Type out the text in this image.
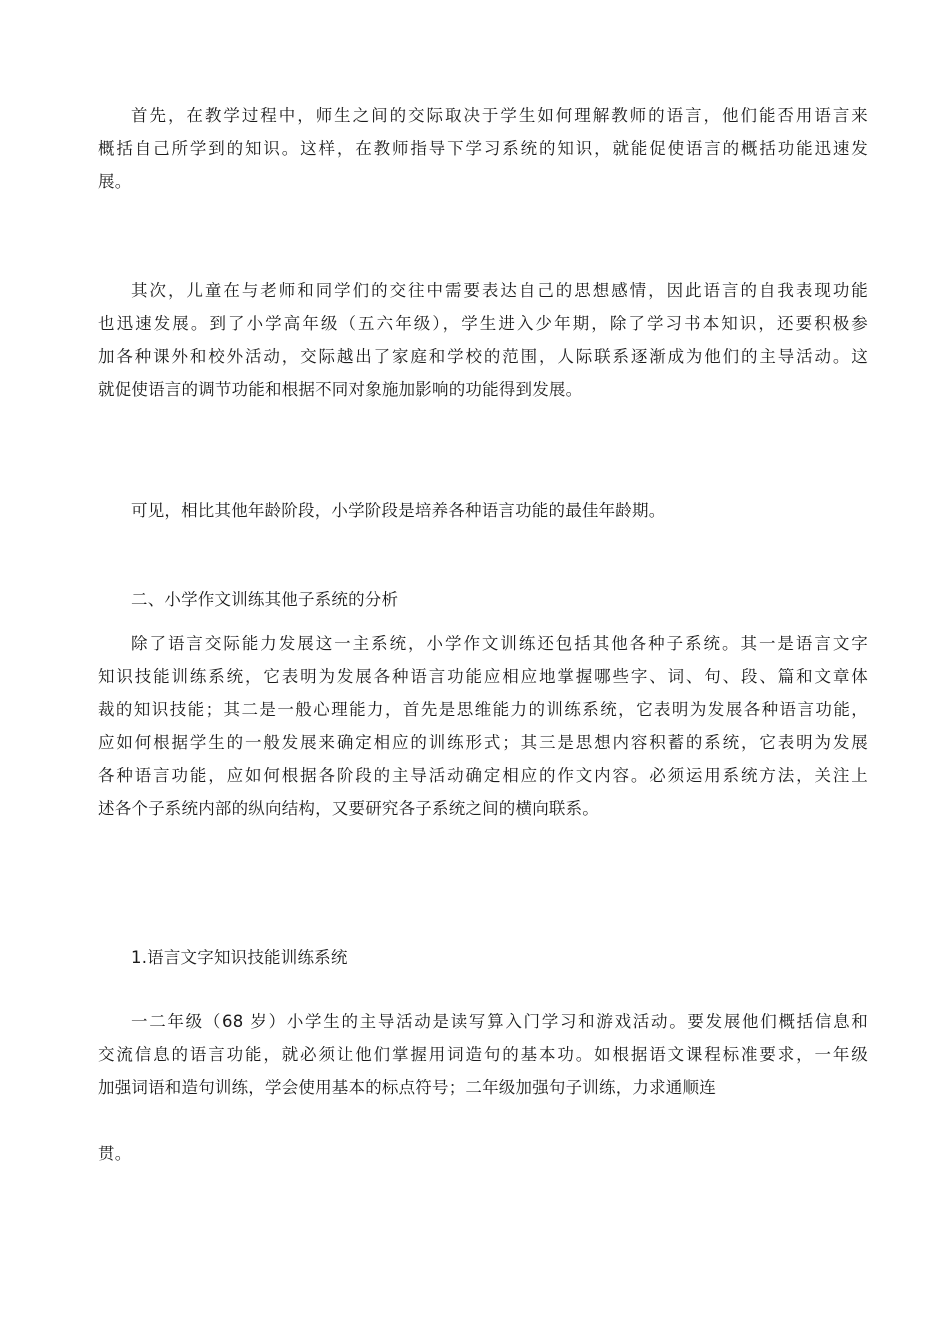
首先，在教学过程中，师生之间的交际取决于学生如何理解教师的语言，他们能否用语言来
概括自己所学到的知识。这样，在教师指导下学习系统的知识，就能促使语言的概括功能迅速发
展。
其次，儿童在与老师和同学们的交往中需要表达自己的思想感情，因此语言的自我表现功能
也迅速发展。到了小学高年级（五六年级），学生进入少年期，除了学习书本知识，还要积极参
加各种课外和校外活动，交际越出了家庭和学校的范围，人际联系逐渐成为他们的主导活动。这
就促使语言的调节功能和根据不同对象施加影响的功能得到发展。
可见，相比其他年龄阶段，小学阶段是培养各种语言功能的最佳年龄期。
二、小学作文训练其他子系统的分析
除了语言交际能力发展这一主系统，小学作文训练还包括其他各种子系统。其一是语言文字
知识技能训练系统，它表明为发展各种语言功能应相应地掌握哪些字、词、句、段、篇和文章体
裁的知识技能；其二是一般心理能力，首先是思维能力的训练系统，它表明为发展各种语言功能，
应如何根据学生的一般发展来确定相应的训练形式；其三是思想内容积蓄的系统，它表明为发展
各种语言功能，应如何根据各阶段的主导活动确定相应的作文内容。必须运用系统方法，关注上
述各个子系统内部的纵向结构，又要研究各子系统之间的横向联系。
1.语言文字知识技能训练系统
一二年级（68 岁）小学生的主导活动是读写算入门学习和游戏活动。要发展他们概括信息和
交流信息的语言功能，就必须让他们掌握用词造句的基本功。如根据语文课程标准要求，一年级
加强词语和造句训练，学会使用基本的标点符号；二年级加强句子训练，力求通顺连
贯。
